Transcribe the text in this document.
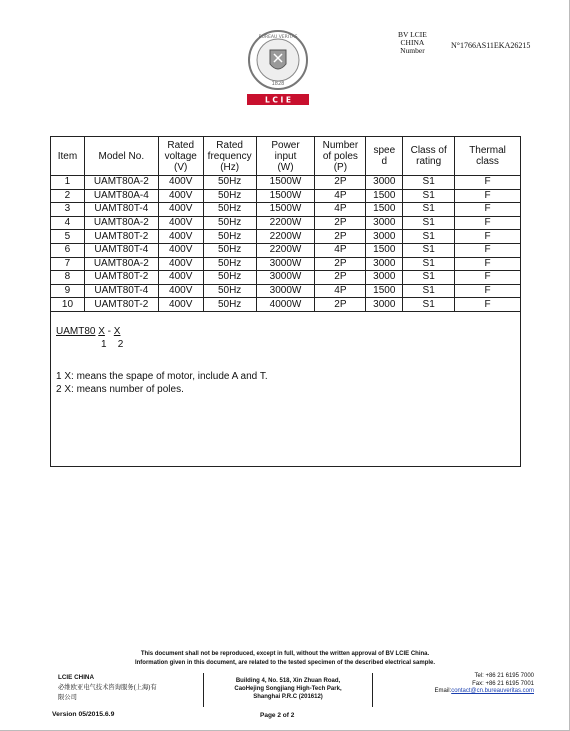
BUREAU VERITAS
1828
L C I E
BV LCIE
CHINA
Number
N°1766AS11EKA26215
Item	Model No.	Rated
voltage
(V)	Rated
frequency
(Hz)	Power
input
(W)	Number
of poles
(P)	spee
d	Class of
rating	Thermal
class
1	UAMT80A-2	400V	50Hz	1500W	2P	3000	S1	F
2	UAMT80A-4	400V	50Hz	1500W	4P	1500	S1	F
3	UAMT80T-4	400V	50Hz	1500W	4P	1500	S1	F
4	UAMT80A-2	400V	50Hz	2200W	2P	3000	S1	F
5	UAMT80T-2	400V	50Hz	2200W	2P	3000	S1	F
6	UAMT80T-4	400V	50Hz	2200W	4P	1500	S1	F
7	UAMT80A-2	400V	50Hz	3000W	2P	3000	S1	F
8	UAMT80T-2	400V	50Hz	3000W	2P	3000	S1	F
9	UAMT80T-4	400V	50Hz	3000W	4P	1500	S1	F
10	UAMT80T-2	400V	50Hz	4000W	2P	3000	S1	F
UAMT80 X - X
1 2
1 X: means the spape of motor, include A and T.
2 X: means number of poles.
This document shall not be reproduced, except in full, without the written approval of BV LCIE China.
Information given in this document, are related to the tested specimen of the described electrical sample.
LCIE CHINA
必维欧亚电气技术咨询服务(上海)有
限公司
Version 05/2015.6.9
Building 4, No. 518, Xin Zhuan Road,
CaoHejing Songjiang High-Tech Park,
Shanghai P.R.C (201612)
Page 2 of 2
Tel: +86 21 6195 7000
Fax: +86 21 6195 7001
Email:contact@cn.bureauveritas.com
